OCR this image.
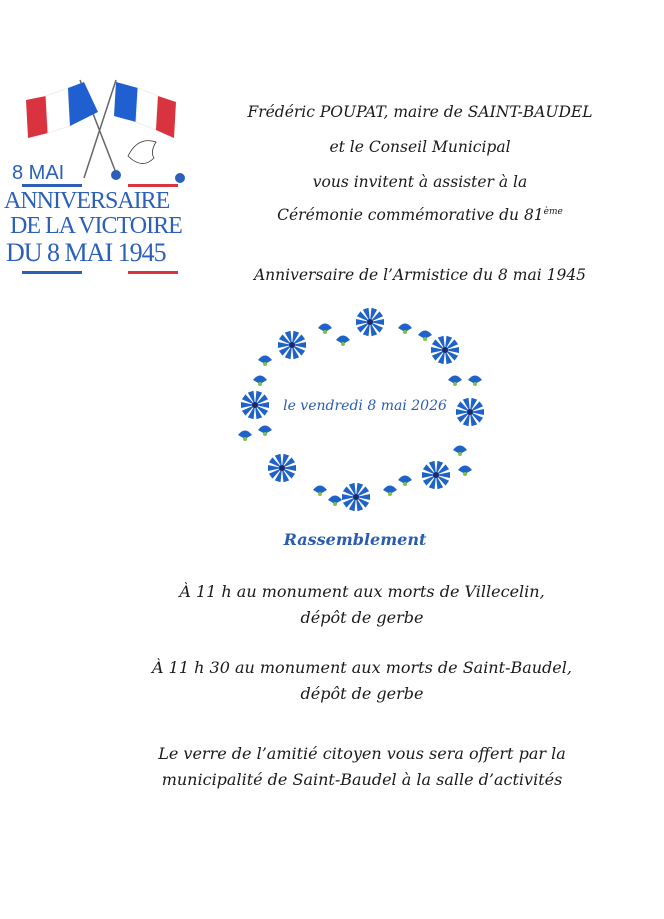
8 MAI
ANNIVERSAIRE
DE LA VICTOIRE
DU 8 MAI 1945
Frédéric POUPAT, maire de SAINT-BAUDEL
et le Conseil Municipal
vous invitent à assister à la
Cérémonie commémorative du 81ème
Anniversaire de l’Armistice du 8 mai 1945
le vendredi 8 mai 2026
Rassemblement
À 11 h au monument aux morts de Villecelin,
dépôt de gerbe
À 11 h 30 au monument aux morts de Saint-Baudel,
dépôt de gerbe
Le verre de l’amitié citoyen vous sera offert par la
municipalité de Saint-Baudel à la salle d’activités
